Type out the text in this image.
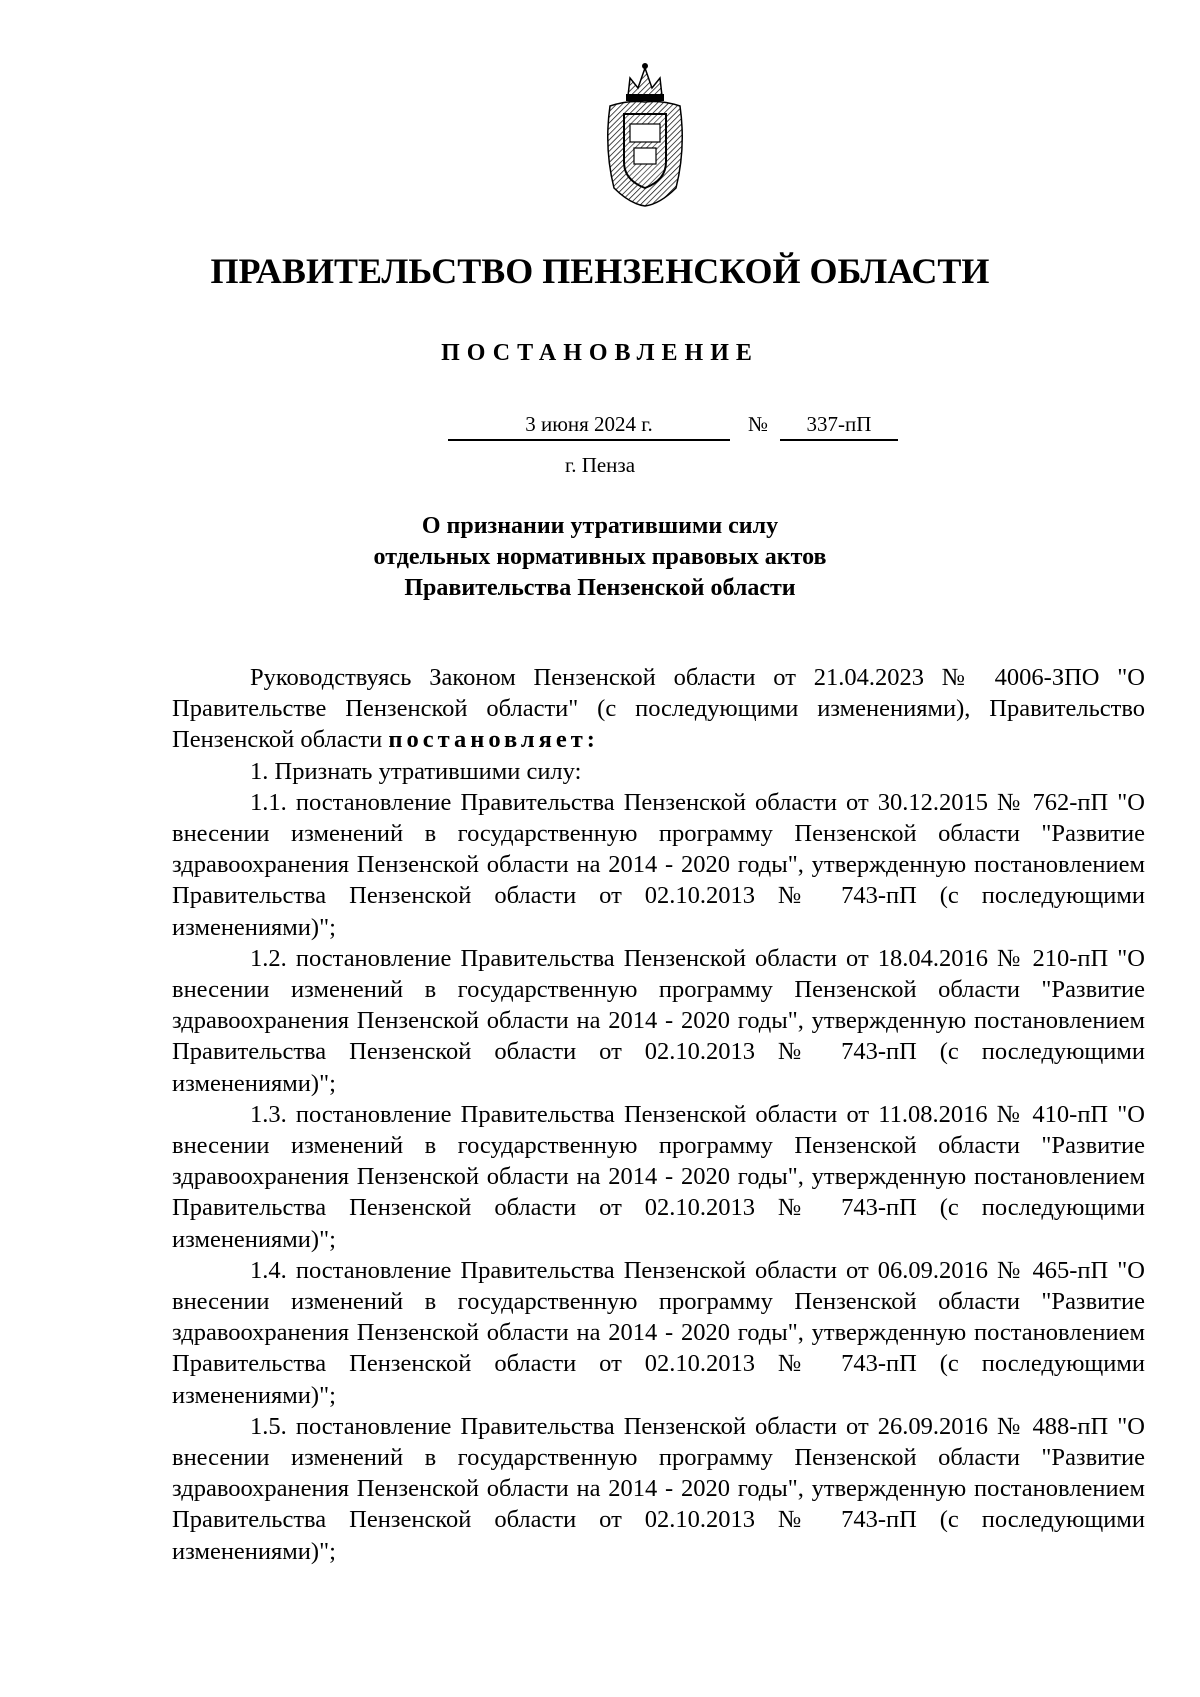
ПРАВИТЕЛЬСТВО ПЕНЗЕНСКОЙ ОБЛАСТИ
ПОСТАНОВЛЕНИЕ
3 июня 2024 г.	№	337-пП
г. Пенза
О признании утратившими силу
отдельных нормативных правовых актов
Правительства Пензенской области

Руководствуясь Законом Пензенской области от 21.04.2023 № 4006-ЗПО "О Правительстве Пензенской области" (с последующими изменениями), Правительство Пензенской области постановляет:

1. Признать утратившими силу:

1.1. постановление Правительства Пензенской области от 30.12.2015 № 762-пП "О внесении изменений в государственную программу Пензенской области "Развитие здравоохранения Пензенской области на 2014 - 2020 годы", утвержденную постановлением Правительства Пензенской области от 02.10.2013 № 743-пП (с последующими изменениями)";

1.2. постановление Правительства Пензенской области от 18.04.2016 № 210-пП "О внесении изменений в государственную программу Пензенской области "Развитие здравоохранения Пензенской области на 2014 - 2020 годы", утвержденную постановлением Правительства Пензенской области от 02.10.2013 № 743-пП (с последующими изменениями)";

1.3. постановление Правительства Пензенской области от 11.08.2016 № 410-пП "О внесении изменений в государственную программу Пензенской области "Развитие здравоохранения Пензенской области на 2014 - 2020 годы", утвержденную постановлением Правительства Пензенской области от 02.10.2013 № 743-пП (с последующими изменениями)";

1.4. постановление Правительства Пензенской области от 06.09.2016 № 465-пП "О внесении изменений в государственную программу Пензенской области "Развитие здравоохранения Пензенской области на 2014 - 2020 годы", утвержденную постановлением Правительства Пензенской области от 02.10.2013 № 743-пП (с последующими изменениями)";

1.5. постановление Правительства Пензенской области от 26.09.2016 № 488-пП "О внесении изменений в государственную программу Пензенской области "Развитие здравоохранения Пензенской области на 2014 - 2020 годы", утвержденную постановлением Правительства Пензенской области от 02.10.2013 № 743-пП (с последующими изменениями)";
